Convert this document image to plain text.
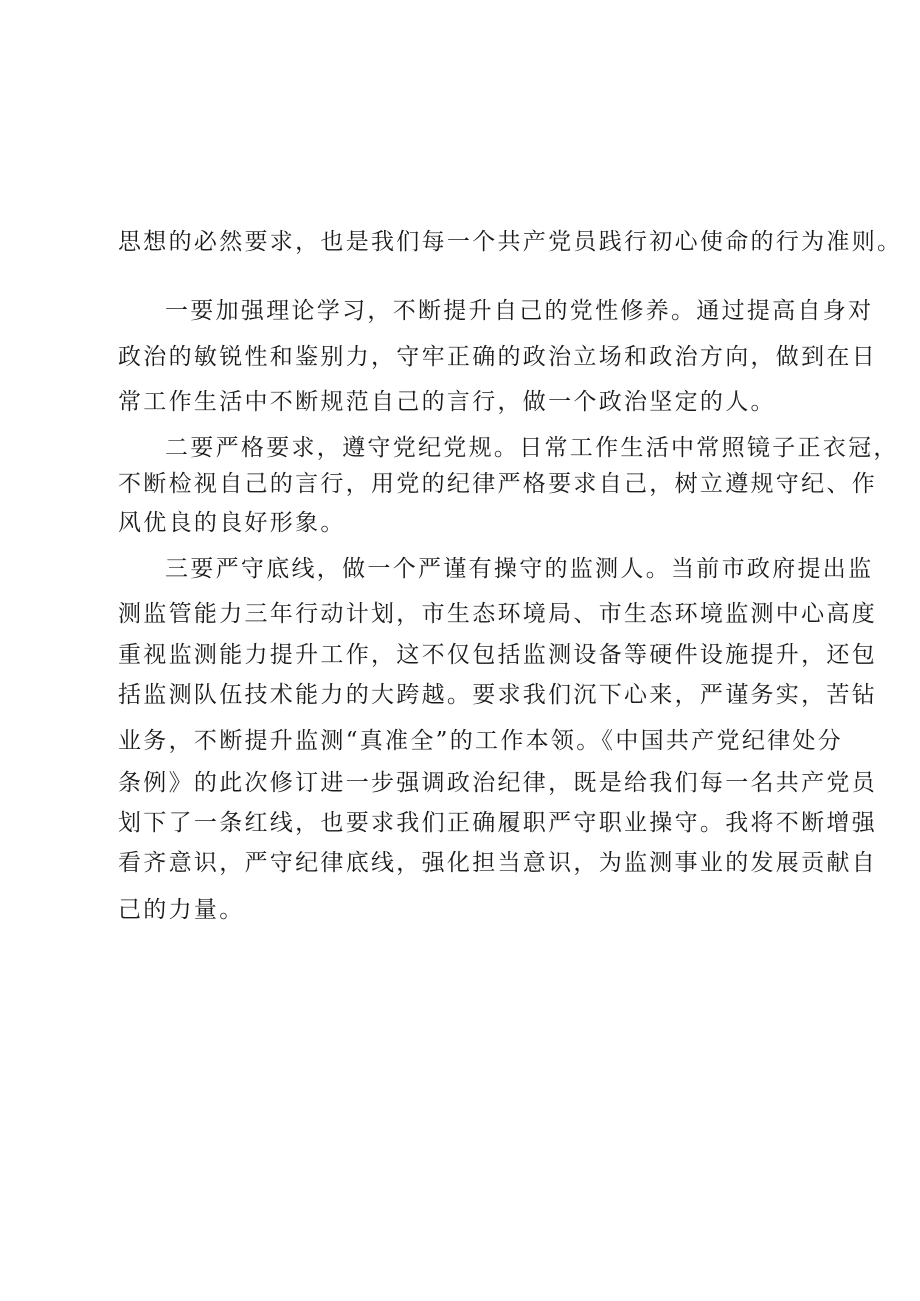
思想的必然要求，也是我们每一个共产党员践行初心使命的行为准则。

一要加强理论学习，不断提升自己的党性修养。通过提高自身对

政治的敏锐性和鉴别力，守牢正确的政治立场和政治方向，做到在日

常工作生活中不断规范自己的言行，做一个政治坚定的人。

二要严格要求，遵守党纪党规。日常工作生活中常照镜子正衣冠，

不断检视自己的言行，用党的纪律严格要求自己，树立遵规守纪、作

风优良的良好形象。

三要严守底线，做一个严谨有操守的监测人。当前市政府提出监

测监管能力三年行动计划，市生态环境局、市生态环境监测中心高度

重视监测能力提升工作，这不仅包括监测设备等硬件设施提升，还包

括监测队伍技术能力的大跨越。要求我们沉下心来，严谨务实，苦钻

业务，不断提升监测“真准全”的工作本领。《中国共产党纪律处分

条例》的此次修订进一步强调政治纪律，既是给我们每一名共产党员

划下了一条红线，也要求我们正确履职严守职业操守。我将不断增强

看齐意识，严守纪律底线，强化担当意识，为监测事业的发展贡献自

己的力量。
